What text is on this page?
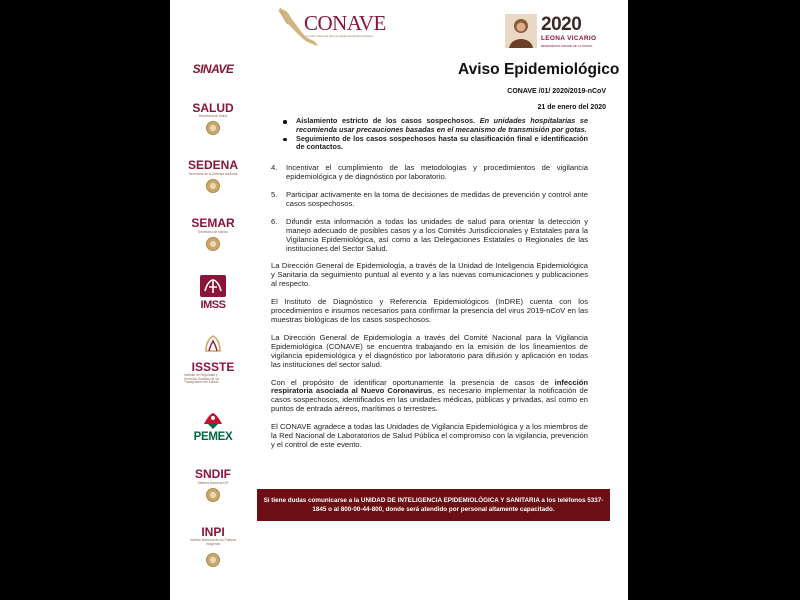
CONAVE
Comité Nacional para la Vigilancia Epidemiológica
2020
LEONA VICARIO
BENEMÉRITA MADRE DE LA PATRIA
SINAVE
SALUD
Secretaría de Salud
SEDENA
Secretaría de la Defensa Nacional
SEMAR
Secretaría de Marina
IMSS
ISSSTE
Instituto de Seguridad y Servicios Sociales de los Trabajadores del Estado
PEMEX
SNDIF
Sistema Nacional DIF
INPI
Instituto Nacional de los Pueblos Indígenas
Aviso Epidemiológico
CONAVE /01/ 2020/2019-nCoV
21 de enero del 2020

Aislamiento estricto de los casos sospechosos. En unidades hospitalarias se recomienda usar precauciones basadas en el mecanismo de transmisión por gotas.

Seguimiento de los casos sospechosos hasta su clasificación final e identificación de contactos.

4. Incentivar el cumplimiento de las metodologías y procedimientos de vigilancia epidemiológica y de diagnóstico por laboratorio.

5. Participar activamente en la toma de decisiones de medidas de prevención y control ante casos sospechosos.

6. Difundir esta información a todas las unidades de salud para orientar la detección y manejo adecuado de posibles casos y a los Comités Jurisdiccionales y Estatales para la Vigilancia Epidemiológica, así como a las Delegaciones Estatales o Regionales de las instituciones del Sector Salud.

La Dirección General de Epidemiología, a través de la Unidad de Inteligencia Epidemiológica y Sanitaria da seguimiento puntual al evento y a las nuevas comunicaciones y publicaciones al respecto.

El Instituto de Diagnóstico y Referencia Epidemiológicos (InDRE) cuenta con los procedimientos e insumos necesarios para confirmar la presencia del virus 2019-nCoV en las muestras biológicas de los casos sospechosos.

La Dirección General de Epidemiología a través del Comité Nacional para la Vigilancia Epidemiológica (CONAVE) se encuentra trabajando en la emisión de los lineamientos de vigilancia epidemiológica y el diagnóstico por laboratorio para difusión y aplicación en todas las instituciones del sector salud.

Con el propósito de identificar oportunamente la presencia de casos de infección respiratoria asociada al Nuevo Coronavirus, es necesario implementar la notificación de casos sospechosos, identificados en las unidades médicas, públicas y privadas, así como en puntos de entrada aéreos, marítimos o terrestres.

El CONAVE agradece a todas las Unidades de Vigilancia Epidemiológica y a los miembros de la Red Nacional de Laboratorios de Salud Pública el compromiso con la vigilancia, prevención y el control de este evento.

Si tiene dudas comunicarse a la UNIDAD DE INTELIGENCIA EPIDEMIOLÓGICA Y SANITARIA a los teléfonos 5337-1845 o al 800-00-44-800, donde será atendido por personal altamente capacitado.
